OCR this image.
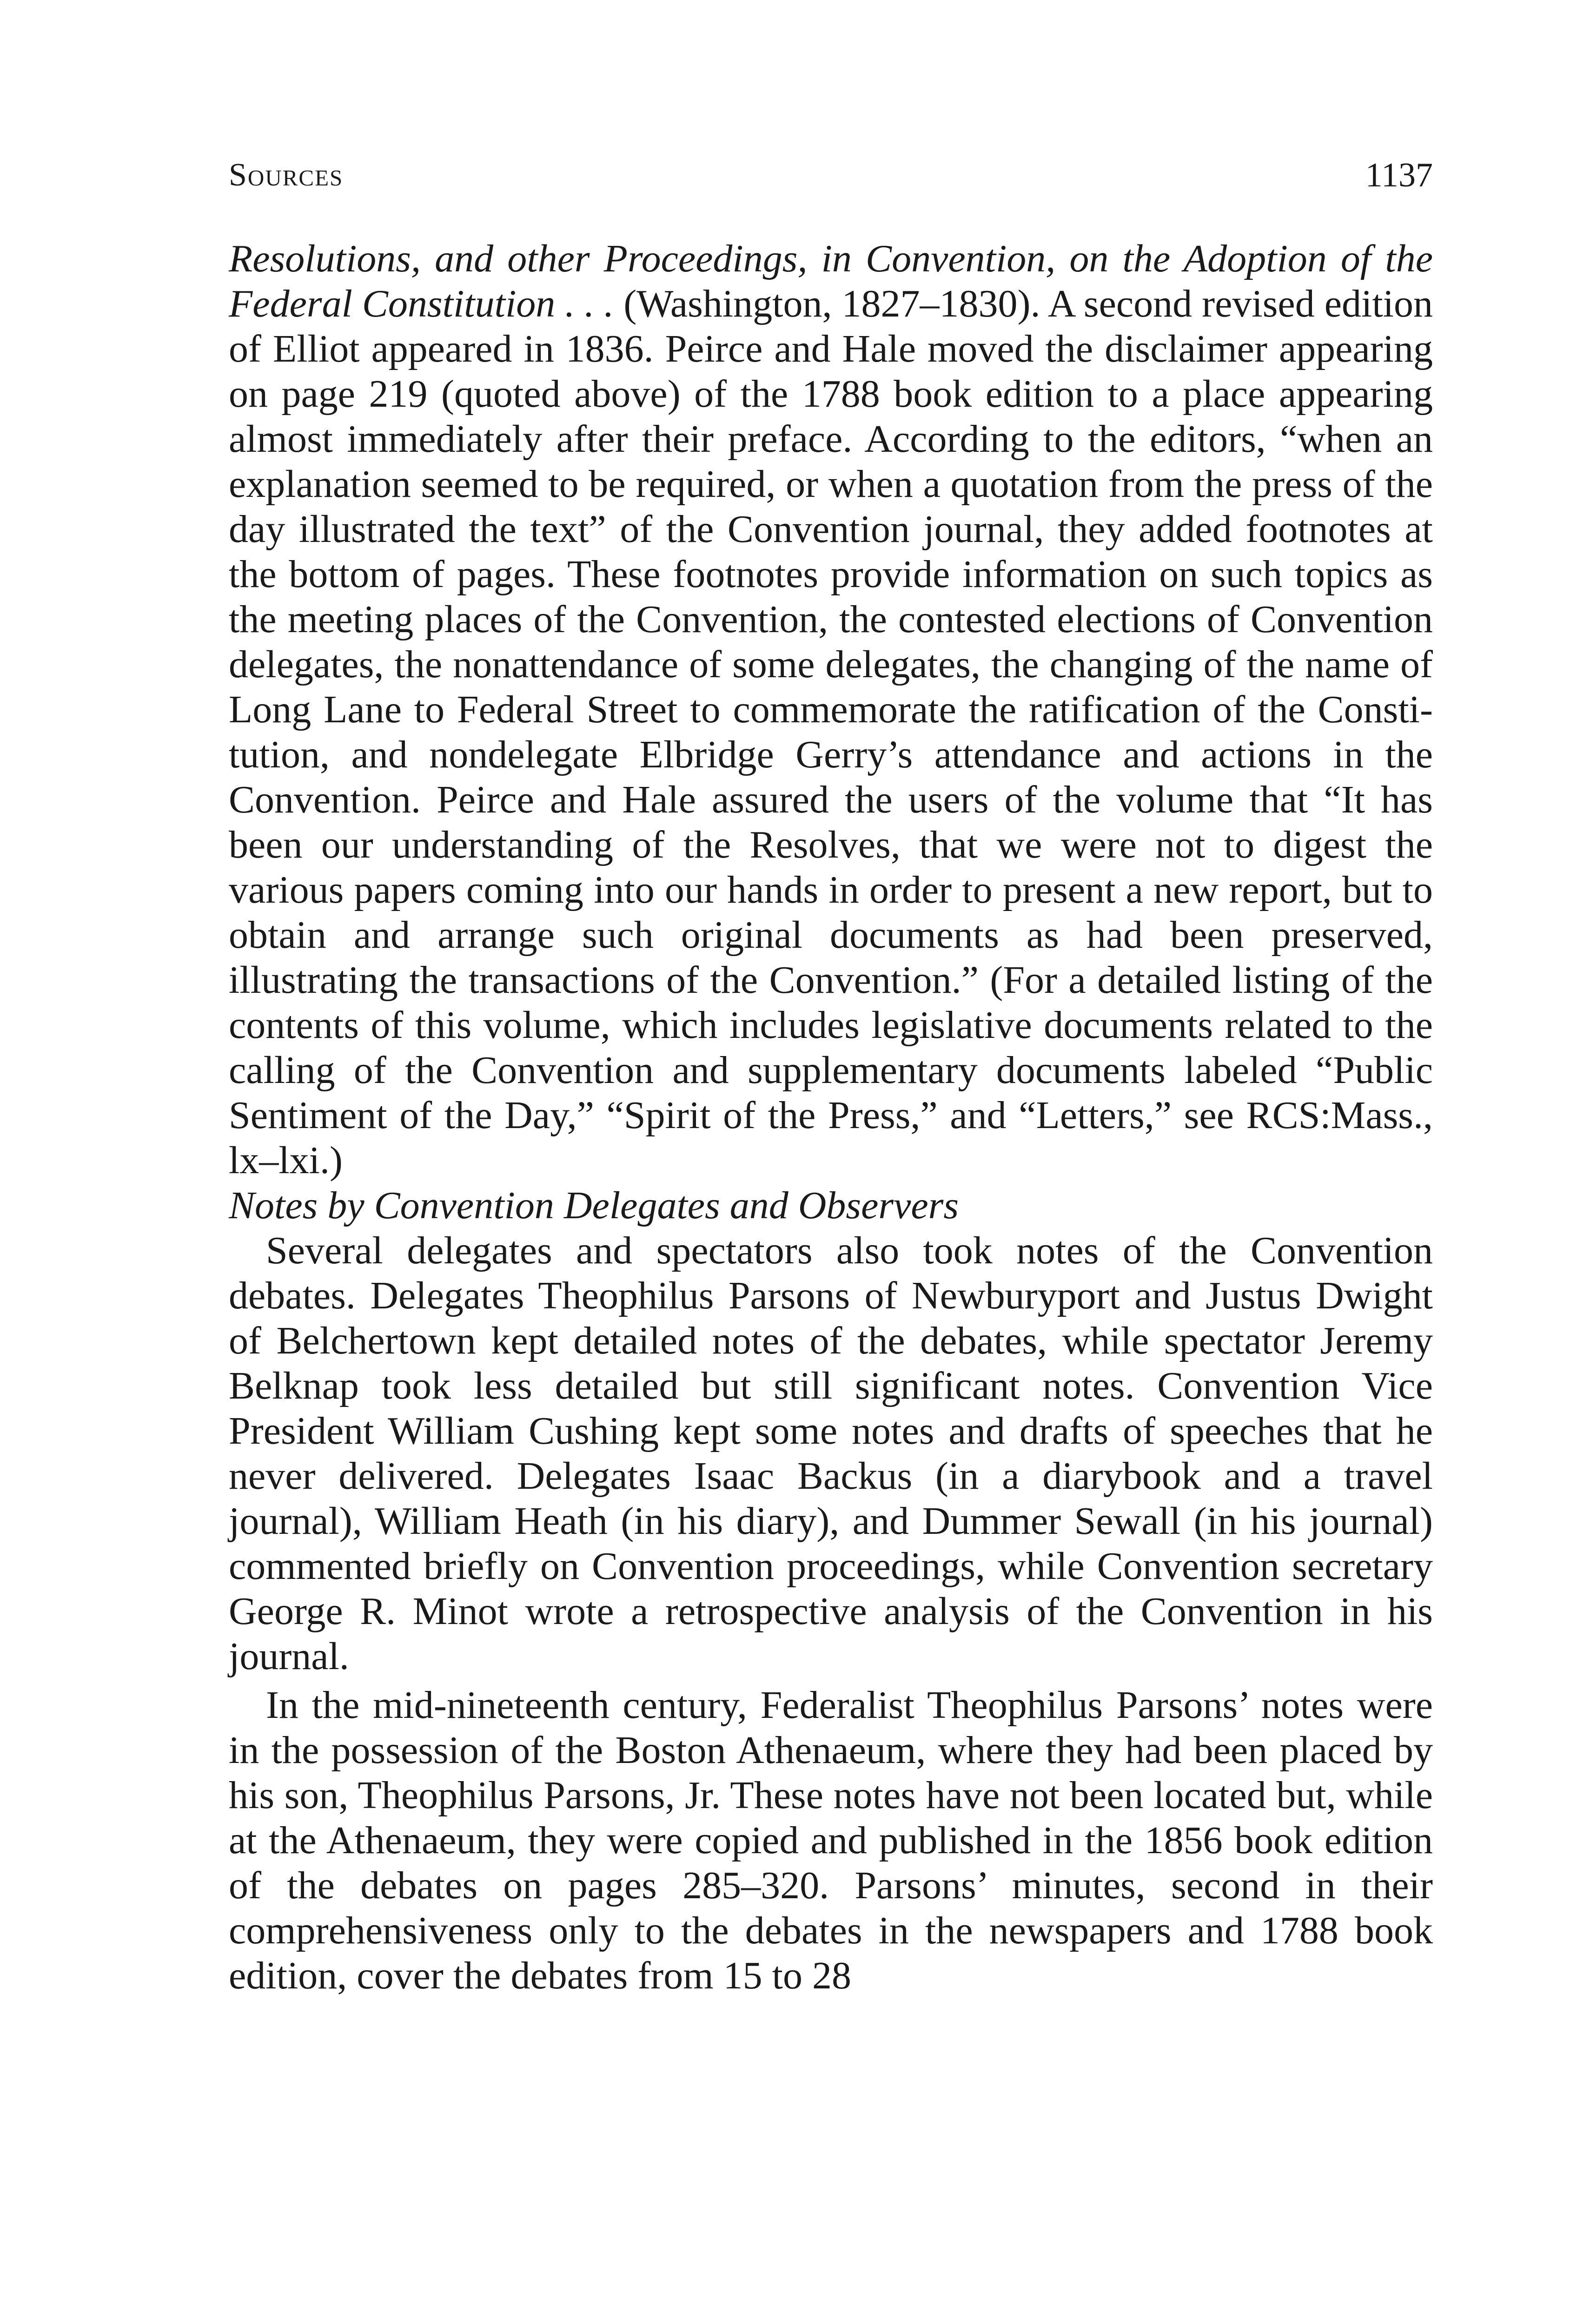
Sources	1137

Resolutions, and other Proceedings, in Convention, on the Adoption of the Federal Constitution . . . (Washington, 1827–1830). A second revised edition of Elliot appeared in 1836. Peirce and Hale moved the disclaimer appearing on page 219 (quoted above) of the 1788 book edition to a place appearing almost immediately after their preface. According to the editors, “when an explanation seemed to be required, or when a quotation from the press of the day illustrated the text” of the Convention journal, they added footnotes at the bottom of pages. These footnotes provide information on such topics as the meeting places of the Convention, the contested elections of Convention delegates, the nonattendance of some delegates, the changing of the name of Long Lane to Federal Street to commemorate the ratification of the Constitution, and nondelegate Elbridge Gerry’s attendance and actions in the Convention. Peirce and Hale assured the users of the volume that “It has been our understanding of the Resolves, that we were not to digest the various papers coming into our hands in order to present a new report, but to obtain and arrange such original documents as had been preserved, illustrating the transactions of the Convention.” (For a detailed listing of the contents of this volume, which includes legislative documents related to the calling of the Convention and supplementary documents labeled “Public Sentiment of the Day,” “Spirit of the Press,” and “Letters,” see RCS:Mass., lx–lxi.)

Notes by Convention Delegates and Observers

Several delegates and spectators also took notes of the Convention debates. Delegates Theophilus Parsons of Newburyport and Justus Dwight of Belchertown kept detailed notes of the debates, while spectator Jeremy Belknap took less detailed but still significant notes. Convention Vice President William Cushing kept some notes and drafts of speeches that he never delivered. Delegates Isaac Backus (in a diarybook and a travel journal), William Heath (in his diary), and Dummer Sewall (in his journal) commented briefly on Convention proceedings, while Convention secretary George R. Minot wrote a retrospective analysis of the Convention in his journal.

In the mid-nineteenth century, Federalist Theophilus Parsons’ notes were in the possession of the Boston Athenaeum, where they had been placed by his son, Theophilus Parsons, Jr. These notes have not been located but, while at the Athenaeum, they were copied and published in the 1856 book edition of the debates on pages 285–320. Parsons’ minutes, second in their comprehensiveness only to the debates in the newspapers and 1788 book edition, cover the debates from 15 to 28
